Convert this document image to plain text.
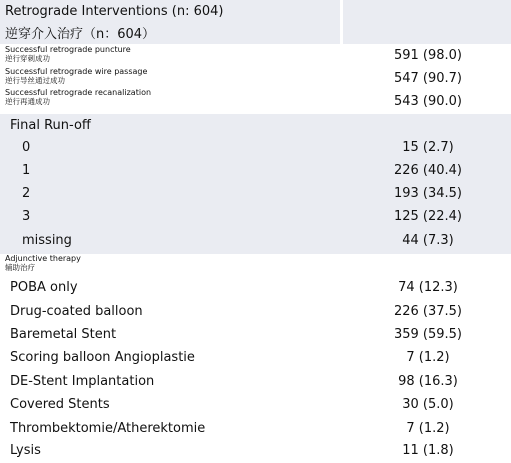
Retrograde Interventions (n: 604)
逆穿介入治疗（n：604）
Successful retrograde puncture
逆行穿刺成功	591 (98.0)
Successful retrograde wire passage
逆行导丝通过成功	547 (90.7)
Successful retrograde recanalization
逆行再通成功	543 (90.0)
Final Run-off
0	15 (2.7)
1	226 (40.4)
2	193 (34.5)
3	125 (22.4)
missing	44 (7.3)
Adjunctive therapy
辅助治疗
POBA only	74 (12.3)
Drug-coated balloon	226 (37.5)
Baremetal Stent	359 (59.5)
Scoring balloon Angioplastie	7 (1.2)
DE-Stent Implantation	98 (16.3)
Covered Stents	30 (5.0)
Thrombektomie/Atherektomie	7 (1.2)
Lysis	11 (1.8)
